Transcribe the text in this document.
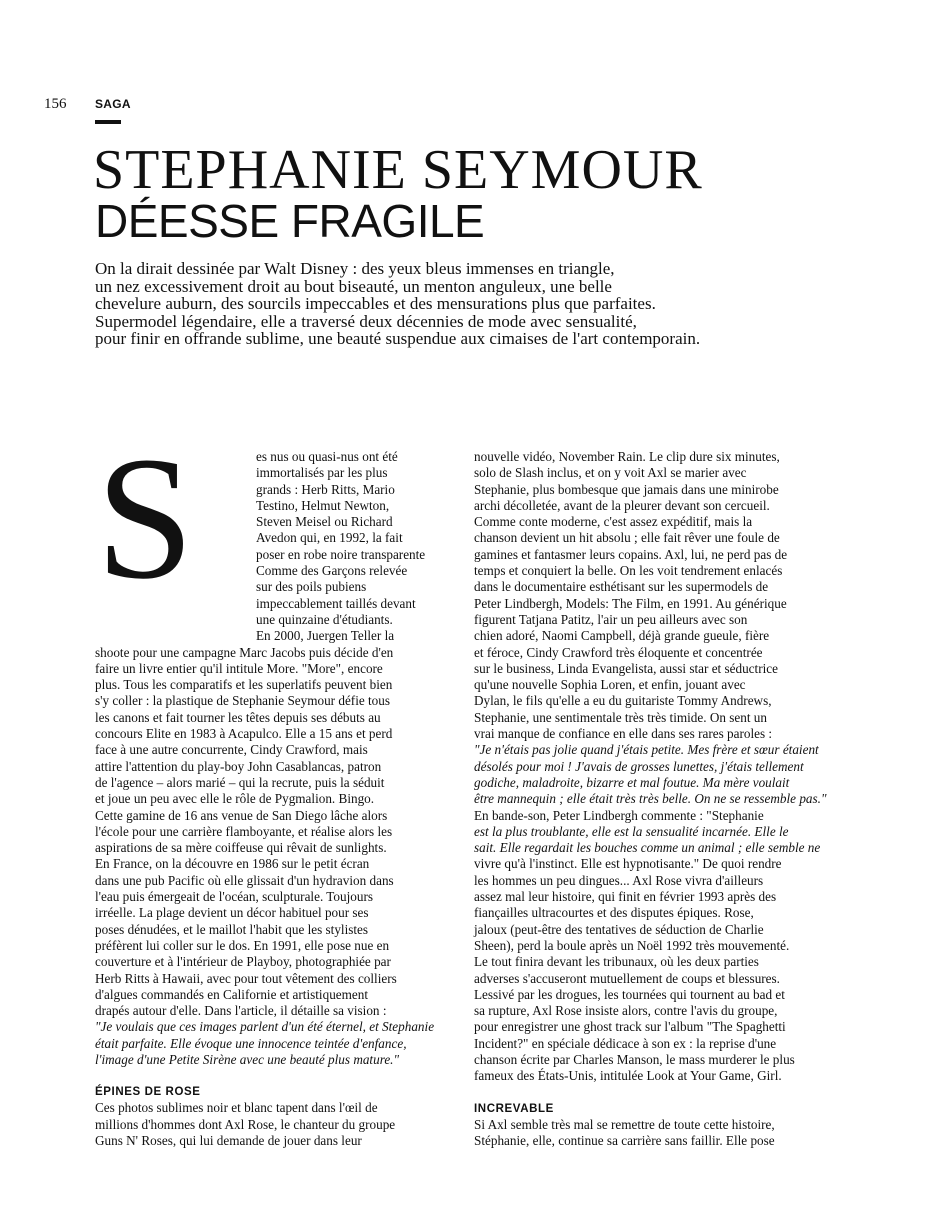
156 SAGA
STEPHANIE SEYMOUR
DÉESSE FRAGILE
On la dirait dessinée par Walt Disney : des yeux bleus immenses en triangle,
un nez excessivement droit au bout biseauté, un menton anguleux, une belle
chevelure auburn, des sourcils impeccables et des mensurations plus que parfaites.
Supermodel légendaire, elle a traversé deux décennies de mode avec sensualité,
pour finir en offrande sublime, une beauté suspendue aux cimaises de l'art contemporain.
S	es nus ou quasi-nus ont été
immortalisés par les plus
grands : Herb Ritts, Mario
Testino, Helmut Newton,
Steven Meisel ou Richard
Avedon qui, en 1992, la fait
poser en robe noire transparente
Comme des Garçons relevée
sur des poils pubiens
impeccablement taillés devant
une quinzaine d'étudiants.
En 2000, Juergen Teller la
shoote pour une campagne Marc Jacobs puis décide d'en
faire un livre entier qu'il intitule More. "More", encore
plus. Tous les comparatifs et les superlatifs peuvent bien
s'y coller : la plastique de Stephanie Seymour défie tous
les canons et fait tourner les têtes depuis ses débuts au
concours Elite en 1983 à Acapulco. Elle a 15 ans et perd
face à une autre concurrente, Cindy Crawford, mais
attire l'attention du play-boy John Casablancas, patron
de l'agence – alors marié – qui la recrute, puis la séduit
et joue un peu avec elle le rôle de Pygmalion. Bingo.
Cette gamine de 16 ans venue de San Diego lâche alors
l'école pour une carrière flamboyante, et réalise alors les
aspirations de sa mère coiffeuse qui rêvait de sunlights.
En France, on la découvre en 1986 sur le petit écran
dans une pub Pacific où elle glissait d'un hydravion dans
l'eau puis émergeait de l'océan, sculpturale. Toujours
irréelle. La plage devient un décor habituel pour ses
poses dénudées, et le maillot l'habit que les stylistes
préfèrent lui coller sur le dos. En 1991, elle pose nue en
couverture et à l'intérieur de Playboy, photographiée par
Herb Ritts à Hawaii, avec pour tout vêtement des colliers
d'algues commandés en Californie et artistiquement
drapés autour d'elle. Dans l'article, il détaille sa vision :
"Je voulais que ces images parlent d'un été éternel, et Stephanie
était parfaite. Elle évoque une innocence teintée d'enfance,
l'image d'une Petite Sirène avec une beauté plus mature."
ÉPINES DE ROSE
Ces photos sublimes noir et blanc tapent dans l'œil de
millions d'hommes dont Axl Rose, le chanteur du groupe
Guns N' Roses, qui lui demande de jouer dans leur
nouvelle vidéo, November Rain. Le clip dure six minutes,
solo de Slash inclus, et on y voit Axl se marier avec
Stephanie, plus bombesque que jamais dans une minirobe
archi décolletée, avant de la pleurer devant son cercueil.
Comme conte moderne, c'est assez expéditif, mais la
chanson devient un hit absolu ; elle fait rêver une foule de
gamines et fantasmer leurs copains. Axl, lui, ne perd pas de
temps et conquiert la belle. On les voit tendrement enlacés
dans le documentaire esthétisant sur les supermodels de
Peter Lindbergh, Models: The Film, en 1991. Au générique
figurent Tatjana Patitz, l'air un peu ailleurs avec son
chien adoré, Naomi Campbell, déjà grande gueule, fière
et féroce, Cindy Crawford très éloquente et concentrée
sur le business, Linda Evangelista, aussi star et séductrice
qu'une nouvelle Sophia Loren, et enfin, jouant avec
Dylan, le fils qu'elle a eu du guitariste Tommy Andrews,
Stephanie, une sentimentale très très timide. On sent un
vrai manque de confiance en elle dans ses rares paroles :
"Je n'étais pas jolie quand j'étais petite. Mes frère et sœur étaient
désolés pour moi ! J'avais de grosses lunettes, j'étais tellement
godiche, maladroite, bizarre et mal foutue. Ma mère voulait
être mannequin ; elle était très très belle. On ne se ressemble pas."
En bande-son, Peter Lindbergh commente : "Stephanie
est la plus troublante, elle est la sensualité incarnée. Elle le
sait. Elle regardait les bouches comme un animal ; elle semble ne
vivre qu'à l'instinct. Elle est hypnotisante." De quoi rendre
les hommes un peu dingues... Axl Rose vivra d'ailleurs
assez mal leur histoire, qui finit en février 1993 après des
fiançailles ultracourtes et des disputes épiques. Rose,
jaloux (peut-être des tentatives de séduction de Charlie
Sheen), perd la boule après un Noël 1992 très mouvementé.
Le tout finira devant les tribunaux, où les deux parties
adverses s'accuseront mutuellement de coups et blessures.
Lessivé par les drogues, les tournées qui tournent au bad et
sa rupture, Axl Rose insiste alors, contre l'avis du groupe,
pour enregistrer une ghost track sur l'album "The Spaghetti
Incident?" en spéciale dédicace à son ex : la reprise d'une
chanson écrite par Charles Manson, le mass murderer le plus
fameux des États-Unis, intitulée Look at Your Game, Girl.
INCREVABLE
Si Axl semble très mal se remettre de toute cette histoire,
Stéphanie, elle, continue sa carrière sans faillir. Elle pose
